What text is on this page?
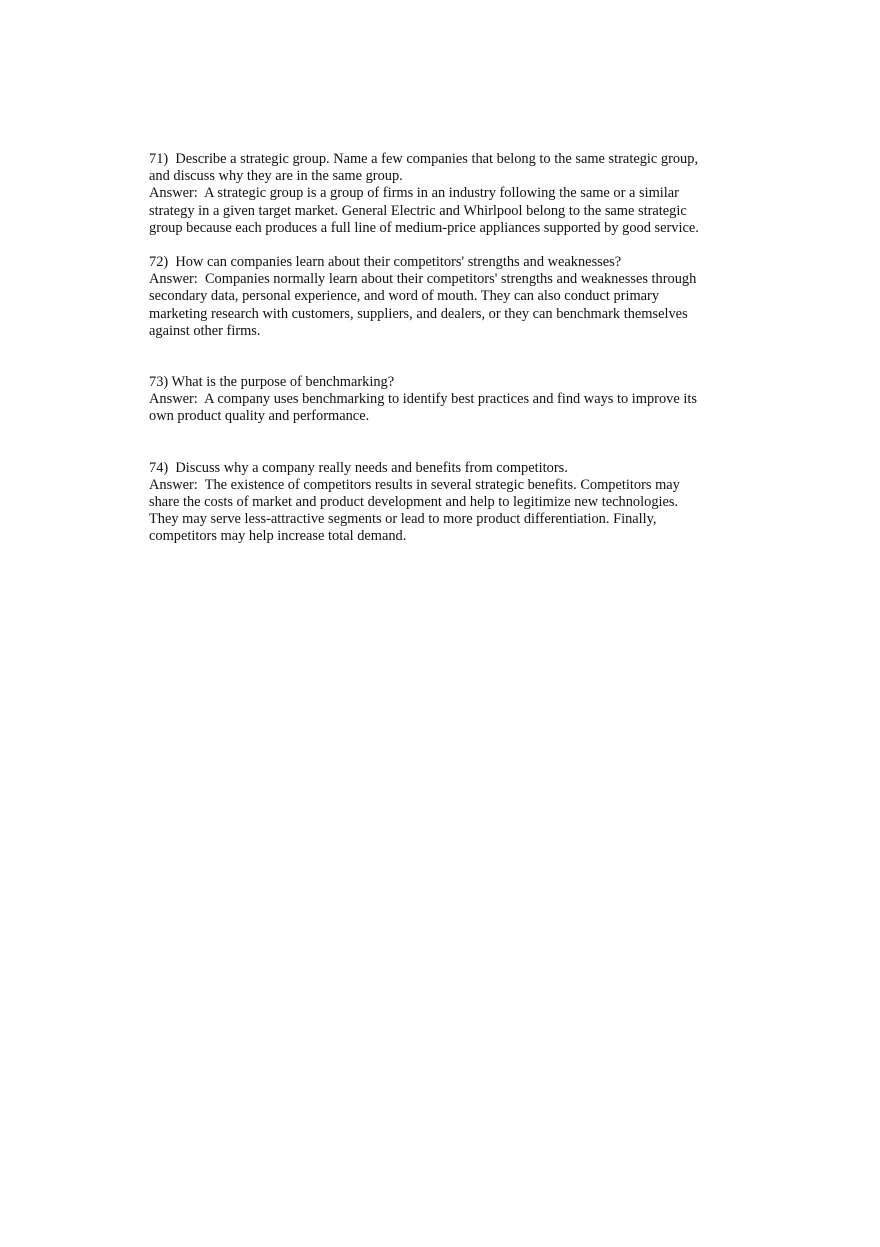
71)  Describe a strategic group. Name a few companies that belong to the same strategic group,

and discuss why they are in the same group.

Answer:  A strategic group is a group of firms in an industry following the same or a similar

strategy in a given target market. General Electric and Whirlpool belong to the same strategic

group because each produces a full line of medium-price appliances supported by good service.

72)  How can companies learn about their competitors' strengths and weaknesses?

Answer:  Companies normally learn about their competitors' strengths and weaknesses through

secondary data, personal experience, and word of mouth. They can also conduct primary

marketing research with customers, suppliers, and dealers, or they can benchmark themselves

against other firms.

73) What is the purpose of benchmarking?

Answer:  A company uses benchmarking to identify best practices and find ways to improve its

own product quality and performance.

74)  Discuss why a company really needs and benefits from competitors.

Answer:  The existence of competitors results in several strategic benefits. Competitors may

share the costs of market and product development and help to legitimize new technologies.

They may serve less-attractive segments or lead to more product differentiation. Finally,

competitors may help increase total demand.
